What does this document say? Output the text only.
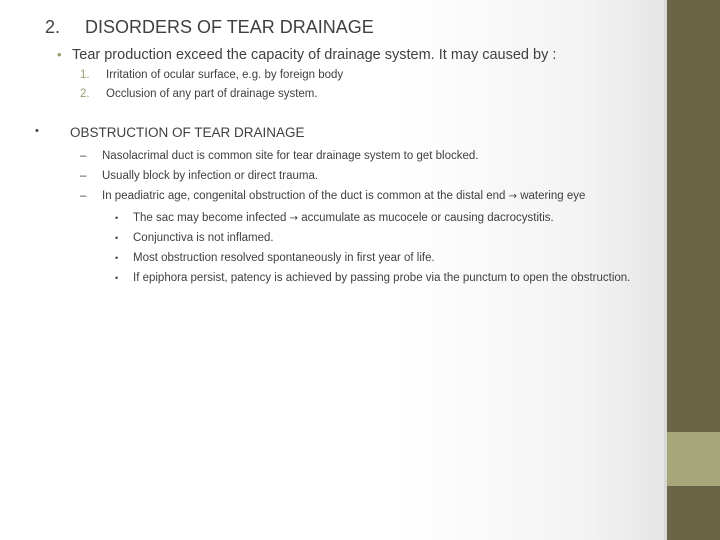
2. DISORDERS OF TEAR DRAINAGE
• Tear production exceed the capacity of drainage system. It may caused by :
1. Irritation of ocular surface, e.g. by foreign body
2. Occlusion of any part of drainage system.
• OBSTRUCTION OF TEAR DRAINAGE
– Nasolacrimal duct is common site for tear drainage system to get blocked.
– Usually block by infection or direct trauma.
– In peadiatric age, congenital obstruction of the duct is common at the distal end → watering eye
• The sac may become infected → accumulate as mucocele or causing dacrocystitis.
• Conjunctiva is not inflamed.
• Most obstruction resolved spontaneously in first year of life.
• If epiphora persist, patency is achieved by passing probe via the punctum to open the obstruction.
